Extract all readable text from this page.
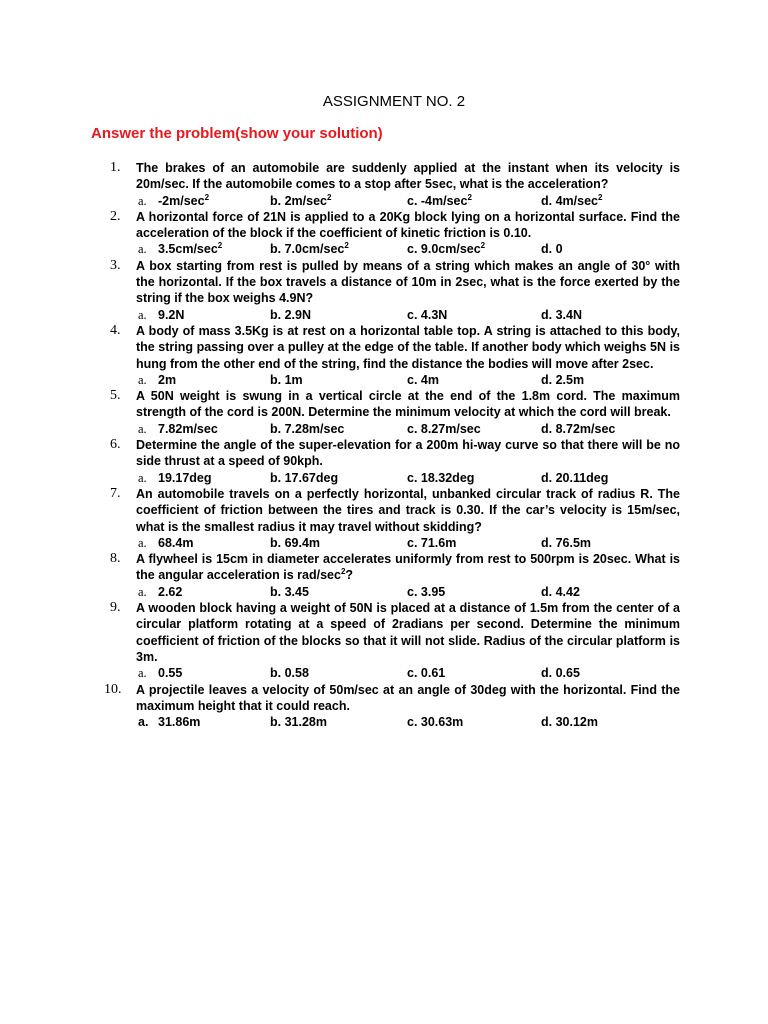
ASSIGNMENT NO. 2
Answer the problem(show your solution)
1.	The brakes of an automobile are suddenly applied at the instant when its velocity is 20m/sec. If the automobile comes to a stop after 5sec, what is the acceleration?
a. $-2m/\sec^2$	b. $2m/\sec^2$	c. $-4m/\sec^2$	d. $4m/\sec^2$
2.	A horizontal force of 21N is applied to a 20Kg block lying on a horizontal surface. Find the acceleration of the block if the coefficient of kinetic friction is 0.10.
a. $3.5cm/\sec^2$	b. $7.0cm/\sec^2$	c. $9.0cm/\sec^2$	d. 0
3.	A box starting from rest is pulled by means of a string which makes an angle of 30° with the horizontal. If the box travels a distance of 10m in 2sec, what is the force exerted by the string if the box weighs 4.9N?
a. 9.2N	b. 2.9N	c. 4.3N	d. 3.4N
4.	A body of mass 3.5Kg is at rest on a horizontal table top. A string is attached to this body, the string passing over a pulley at the edge of the table. If another body which weighs 5N is hung from the other end of the string, find the distance the bodies will move after 2sec.
a. 2m	b. 1m	c. 4m	d. 2.5m
5.	A 50N weight is swung in a vertical circle at the end of the 1.8m cord. The maximum strength of the cord is 200N. Determine the minimum velocity at which the cord will break.
a. 7.82m/sec	b. 7.28m/sec	c. 8.27m/sec	d. 8.72m/sec
6.	Determine the angle of the super-elevation for a 200m hi-way curve so that there will be no side thrust at a speed of 90kph.
a. 19.17deg	b. 17.67deg	c. 18.32deg	d. 20.11deg
7.	An automobile travels on a perfectly horizontal, unbanked circular track of radius R. The coefficient of friction between the tires and track is 0.30. If the car’s velocity is 15m/sec, what is the smallest radius it may travel without skidding?
a. 68.4m	b. 69.4m	c. 71.6m	d. 76.5m
8.	A flywheel is 15cm in diameter accelerates uniformly from rest to 500rpm is 20sec. What is the angular acceleration is rad/$\sec^2$?
a. 2.62	b. 3.45	c. 3.95	d. 4.42
9.	A wooden block having a weight of 50N is placed at a distance of 1.5m from the center of a circular platform rotating at a speed of 2radians per second. Determine the minimum coefficient of friction of the blocks so that it will not slide. Radius of the circular platform is 3m.
a. 0.55	b. 0.58	c. 0.61	d. 0.65
10.	A projectile leaves a velocity of 50m/sec at an angle of 30deg with the horizontal. Find the maximum height that it could reach.
a. 31.86m	b. 31.28m	c. 30.63m	d. 30.12m
